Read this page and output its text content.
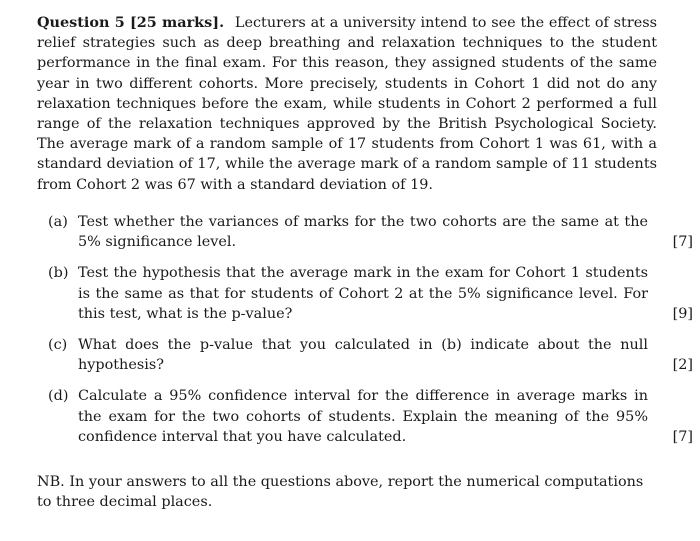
Question 5 [25 marks]. Lecturers at a university intend to see the effect of stress relief strategies such as deep breathing and relaxation techniques to the student performance in the final exam. For this reason, they assigned students of the same year in two different cohorts. More precisely, students in Cohort 1 did not do any relaxation techniques before the exam, while students in Cohort 2 performed a full range of the relaxation techniques approved by the British Psychological Society. The average mark of a random sample of 17 students from Cohort 1 was 61, with a standard deviation of 17, while the average mark of a random sample of 11 students from Cohort 2 was 67 with a standard deviation of 19.
(a) Test whether the variances of marks for the two cohorts are the same at the 5% significance level.	[7]
(b) Test the hypothesis that the average mark in the exam for Cohort 1 students is the same as that for students of Cohort 2 at the 5% significance level. For this test, what is the p-value?	[9]
(c) What does the p-value that you calculated in (b) indicate about the null hypothesis?	[2]
(d) Calculate a 95% confidence interval for the difference in average marks in the exam for the two cohorts of students. Explain the meaning of the 95% confidence interval that you have calculated.	[7]
NB. In your answers to all the questions above, report the numerical computations to three decimal places.
